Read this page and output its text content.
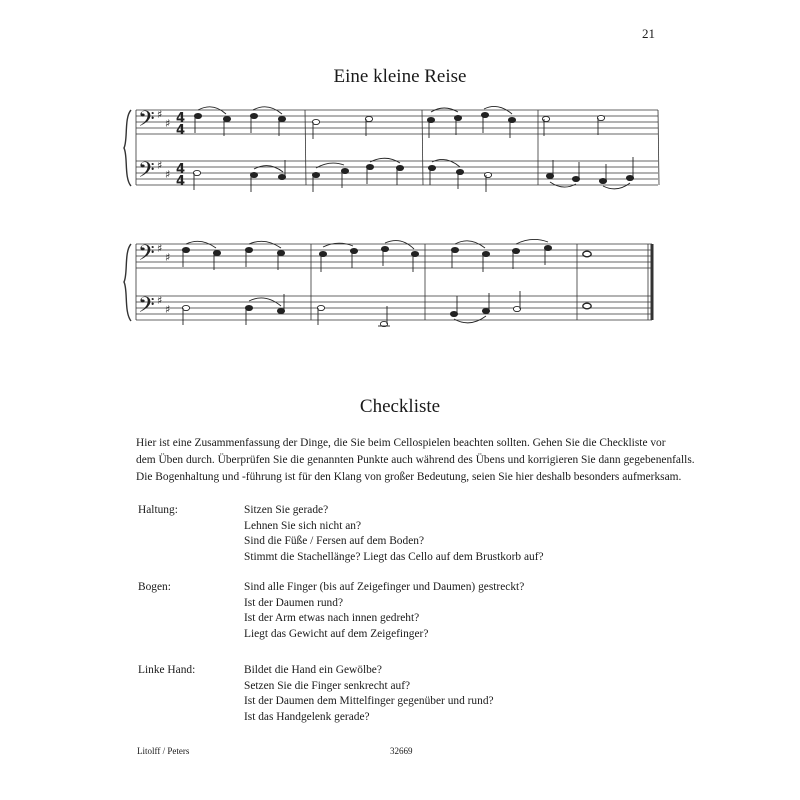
21
Eine kleine Reise
𝄢
𝄢
𝄢
𝄢
♯
♯
♯
♯
♯
♯
♯
♯
4
4
4
4
Checkliste
Hier ist eine Zusammenfassung der Dinge, die Sie beim Cellospielen beachten sollten. Gehen Sie die Checkliste vor
dem Üben durch. Überprüfen Sie die genannten Punkte auch während des Übens und korrigieren Sie dann gegebenenfalls.
Die Bogenhaltung und -führung ist für den Klang von großer Bedeutung, seien Sie hier deshalb besonders aufmerksam.
Haltung:	Sitzen Sie gerade?
Lehnen Sie sich nicht an?
Sind die Füße / Fersen auf dem Boden?
Stimmt die Stachellänge? Liegt das Cello auf dem Brustkorb auf?
Bogen:	Sind alle Finger (bis auf Zeigefinger und Daumen) gestreckt?
Ist der Daumen rund?
Ist der Arm etwas nach innen gedreht?
Liegt das Gewicht auf dem Zeigefinger?
Linke Hand:	Bildet die Hand ein Gewölbe?
Setzen Sie die Finger senkrecht auf?
Ist der Daumen dem Mittelfinger gegenüber und rund?
Ist das Handgelenk gerade?
Litolff / Peters	32669
